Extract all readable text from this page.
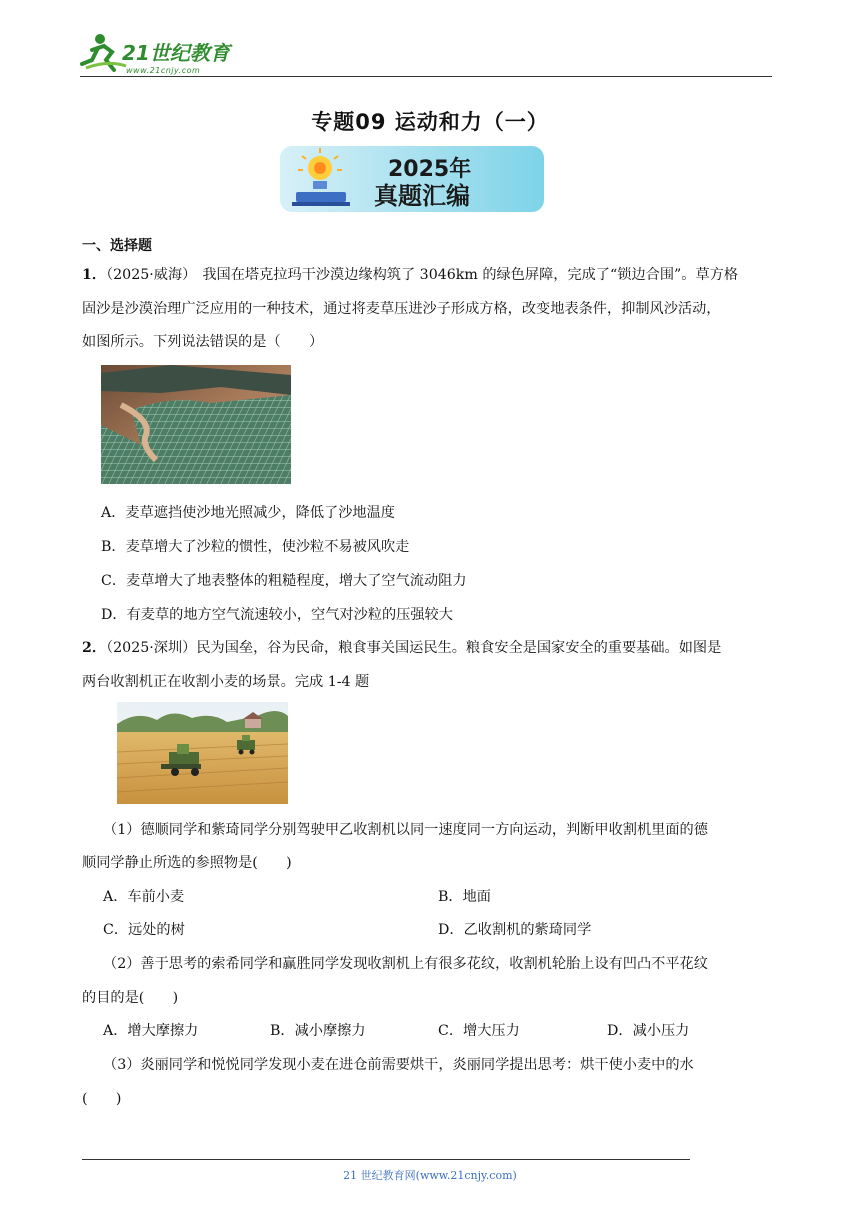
21世纪教育
www.21cnjy.com
专题09 运动和力（一）
2025年
真题汇编
一、选择题
1．（2025·威海） 我国在塔克拉玛干沙漠边缘构筑了 3046km 的绿色屏障，完成了“锁边合围”。草方格
固沙是沙漠治理广泛应用的一种技术，通过将麦草压进沙子形成方格，改变地表条件，抑制风沙活动，
如图所示。下列说法错误的是（　　）
A．麦草遮挡使沙地光照减少，降低了沙地温度
B．麦草增大了沙粒的惯性，使沙粒不易被风吹走
C．麦草增大了地表整体的粗糙程度，增大了空气流动阻力
D．有麦草的地方空气流速较小，空气对沙粒的压强较大
2．（2025·深圳）民为国垒，谷为民命，粮食事关国运民生。粮食安全是国家安全的重要基础。如图是
两台收割机正在收割小麦的场景。完成 1-4 题
（1）德顺同学和紫琦同学分别驾驶甲乙收割机以同一速度同一方向运动，判断甲收割机里面的德
顺同学静止所选的参照物是(　　)
A．车前小麦	B．地面
C．远处的树	D．乙收割机的紫琦同学
（2）善于思考的索希同学和赢胜同学发现收割机上有很多花纹，收割机轮胎上设有凹凸不平花纹
的目的是(　　)
A．增大摩擦力	B．减小摩擦力	C．增大压力	D．减小压力
（3）炎丽同学和悦悦同学发现小麦在进仓前需要烘干，炎丽同学提出思考：烘干使小麦中的水
(　　)
21 世纪教育网(www.21cnjy.com)
